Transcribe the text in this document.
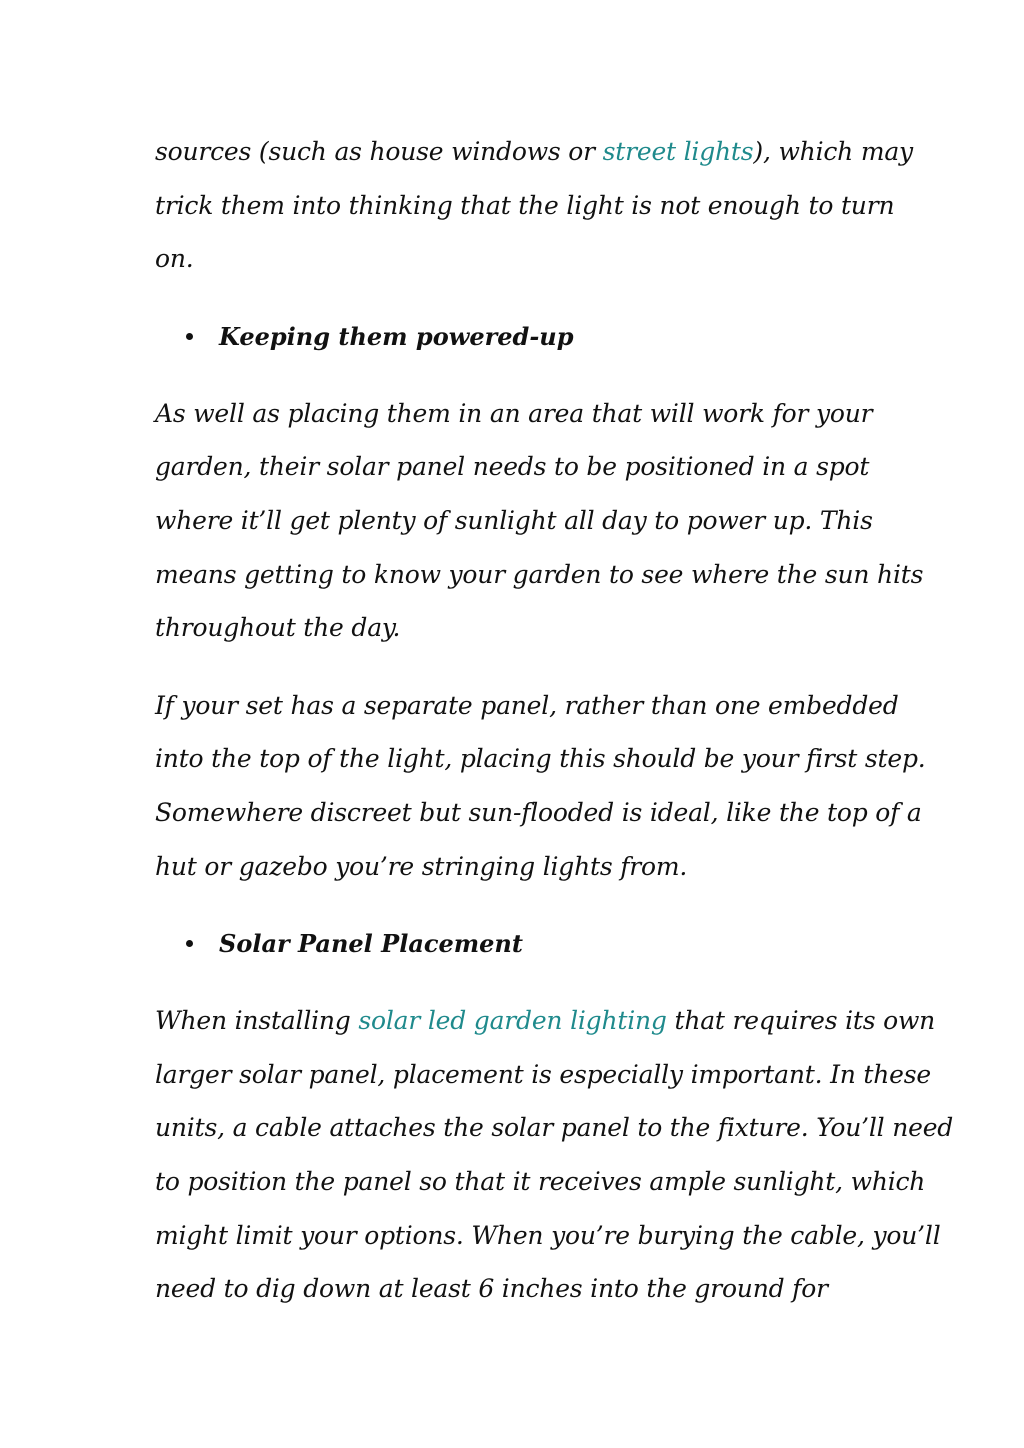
sources (such as house windows or street lights), which may
trick them into thinking that the light is not enough to turn
on.
Keeping them powered-up
As well as placing them in an area that will work for your
garden, their solar panel needs to be positioned in a spot
where it’ll get plenty of sunlight all day to power up. This
means getting to know your garden to see where the sun hits
throughout the day.
If your set has a separate panel, rather than one embedded
into the top of the light, placing this should be your first step.
Somewhere discreet but sun-flooded is ideal, like the top of a
hut or gazebo you’re stringing lights from.
Solar Panel Placement
When installing solar led garden lighting that requires its own
larger solar panel, placement is especially important. In these
units, a cable attaches the solar panel to the fixture. You’ll need
to position the panel so that it receives ample sunlight, which
might limit your options. When you’re burying the cable, you’ll
need to dig down at least 6 inches into the ground for
